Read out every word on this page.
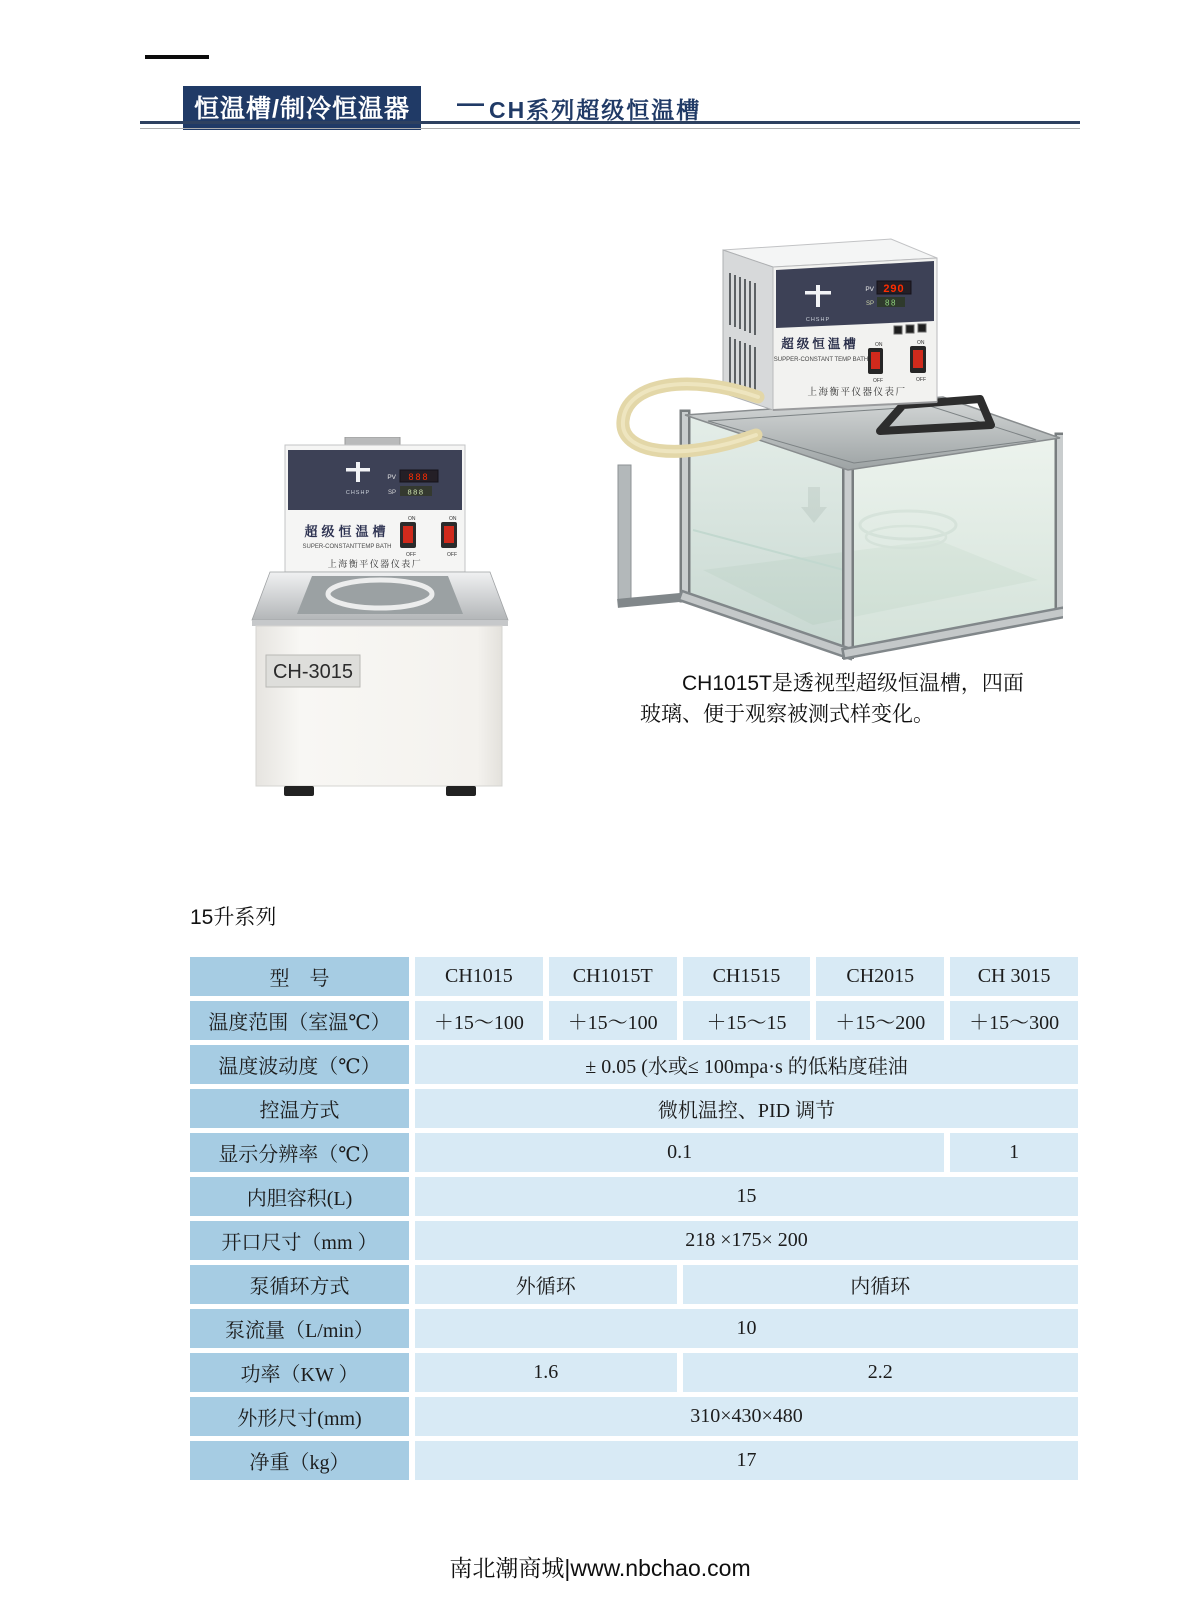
恒温槽/制冷恒温器	— CH系列超级恒温槽
CHSHP
PV 888
SP 888
超级恒温槽
SUPER-CONSTANTTEMP BATH
ON
OFF
ON
OFF
上海衡平仪器仪表厂
CH-3015
CHSHP
PV 290
SP 88
超级恒温槽
SUPPER-CONSTANT TEMP BATH
ON
OFF
ON
OFF
上海衡平仪器仪表厂
CH1015T是透视型超级恒温槽，四面
玻璃、便于观察被测式样变化。
15升系列
型　号	CH1015	CH1015T	CH1515	CH2015	CH 3015
温度范围（室温℃）	＋15～100	＋15～100	＋15～15	＋15～200	＋15～300
温度波动度（℃）	± 0.05 (水或≤ 100mpa·s 的低粘度硅油
控温方式	微机温控、PID 调节
显示分辨率（℃）	0.1	1
内胆容积(L)	15
开口尺寸（mm ）	218 ×175× 200
泵循环方式	外循环	内循环
泵流量（L/min）	10
功率（KW ）	1.6	2.2
外形尺寸(mm)	310×430×480
净重（kg）	17
南北潮商城|www.nbchao.com
